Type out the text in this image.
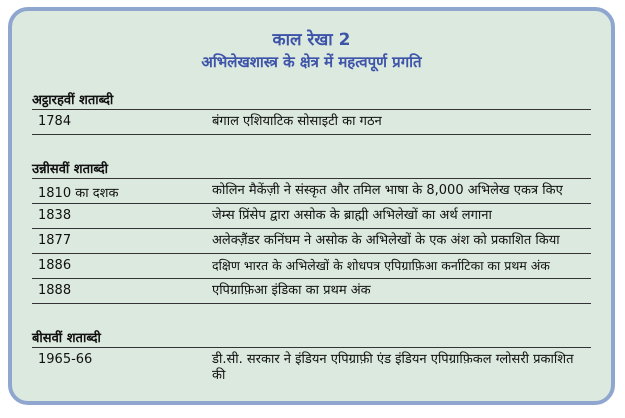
काल रेखा 2
अभिलेखशास्त्र के क्षेत्र में महत्वपूर्ण प्रगति
अट्ठारहवीं शताब्दी
1784	बंगाल एशियाटिक सोसाइटी का गठन
उन्नीसवीं शताब्दी
1810 का दशक	कोलिन मैकेंज़ी ने संस्कृत और तमिल भाषा के 8,000 अभिलेख एकत्र किए
1838	जेम्स प्रिंसेप द्वारा असोक के ब्राह्मी अभिलेखों का अर्थ लगाना
1877	अलेक्ज़ैंडर कनिंघम ने असोक के अभिलेखों के एक अंश को प्रकाशित किया
1886	दक्षिण भारत के अभिलेखों के शोधपत्र एपिग्राफ़िआ कर्नाटिका का प्रथम अंक
1888	एपिग्राफ़िआ इंडिका का प्रथम अंक
बीसवीं शताब्दी
1965-66	डी.सी. सरकार ने इंडियन एपिग्राफ़ी एंड इंडियन एपिग्राफ़िकल ग्लोसरी प्रकाशित की
